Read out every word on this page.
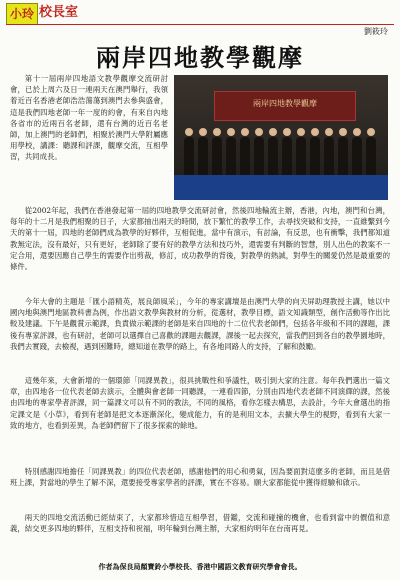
小玲 校長室
劉筱玲
兩岸四地教學觀摩
兩岸四地教學觀摩

第十一屆兩岸四地語文教學觀摩交流研討會，已於上周六及日一連兩天在澳門舉行，我領着近百名香港老師浩浩蕩蕩到澳門去參與盛會，這是我們四地老師一年一度的約會，有來自內地各省市的近兩百名老師，還有台灣的近百名老師，加上澳門的老師們，相聚於澳門大學附屬應用學校，講課：聽課和評課，觀摩交流，互相學習，共同成長。

從2002年起，我們在香港發起第一屆的四地教學交流研討會，然後四地輪流主辦，香港，內地，澳門和台灣，每年的十二月是我們相聚的日子，大家都抽出兩天的時間，放下繁忙的教學工作，去尋找突破和支持，一直維繫到今天的第十一屆，四地的老師們成為教學的好夥伴，互相促進，當中有演示，有討論，有反思，也有衝擊，我們都知道教無定法，沒有最好，只有更好，老師除了要有好的教學方法和技巧外，還需要有判斷的智慧，別人出色的教案不一定合用，還要因應自己學生的需要作出剪裁，修訂，成功教學的背後，對教學的熱誠，對學生的關愛仍然是最重要的條件。

今年大會的主題是「匯小語精英，展良師風采」，今年的專家講壇是由澳門大學的向天屏助理教授主講，她以中國內地與澳門地區教科書為例，作出語文教學與教材的分析，從選材，教學目標，語文知識類型，創作活動等作出比較及建議。下午是觀賞示範課，負責做示範課的老師是來自四地的十二位代表老師們，包括各年級和不同的課題，課後有專家評課，也有研討，老師可以選擇自己喜歡的課題去觀課，課後一起去探究，當我們回到各自的教學園地時，我們去實踐，去檢視，遇到困難時，總知道在教學的路上，有各地同路人的支持，了解和鼓勵。

這幾年來，大會新增的一個環節「同課異教」，很具挑戰性和爭議性，吸引到大家的注意。每年我們選出一篇文章，由四地各一位代表老師去演示，全體與會老師一同聽課，一連看四節，分別由四地代表老師不同演繹的課，然後由四地的專家學者評課，同一篇課文可以有不同的教法，不同的風格，看你怎樣去構思，去設計，今年大會選出的指定課文是《小草》，看到有老師是把文本逐漸深化，變成能力，有的是利用文本，去擴大學生的視野，看到有大家一致的地方，也看到差異，為老師們留下了很多探索的餘地。

特別感謝四地擔任「同課異教」的四位代表老師，感謝他們的用心和勇氣，因為要面對這麼多的老師，而且是借班上課，對當地的學生了解不深，還要接受專家學者的評課，實在不容易。願大家都能從中獲得經驗和啟示。

兩天的四地交流活動已經結束了，大家都珍惜這互相學習，借鑑，交流和碰撞的機會，也看到當中的價值和意義，結交更多四地的夥伴，互相支持和祝福，明年輪到台灣主辦，大家相約明年在台南再見。

作者為保良局顏寶鈴小學校長、香港中國語文教育研究學會會長。
